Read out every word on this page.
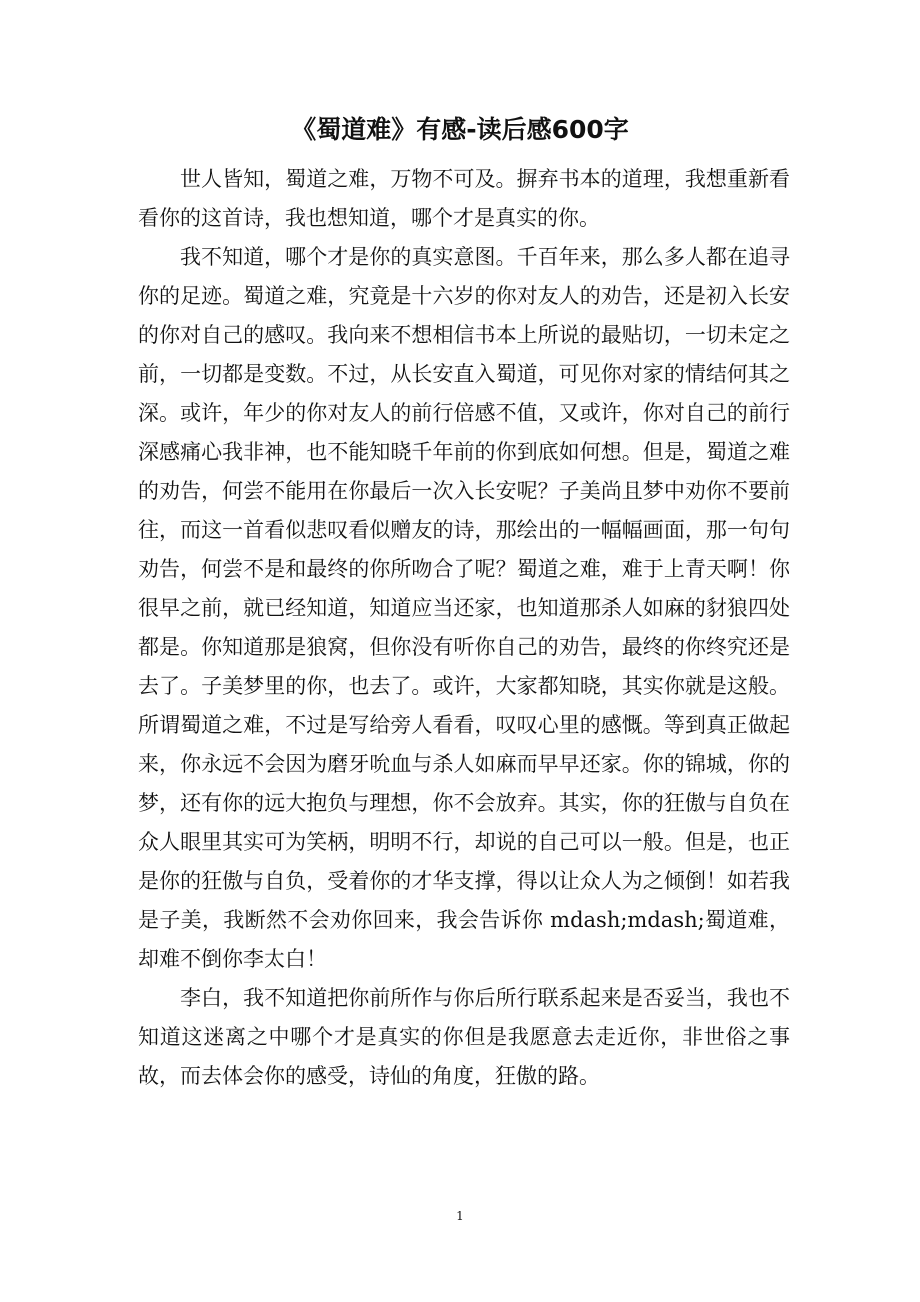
《蜀道难》有感-读后感600字

世人皆知，蜀道之难，万物不可及。摒弃书本的道理，我想重新看看你的这首诗，我也想知道，哪个才是真实的你。

我不知道，哪个才是你的真实意图。千百年来，那么多人都在追寻你的足迹。蜀道之难，究竟是十六岁的你对友人的劝告，还是初入长安的你对自己的感叹。我向来不想相信书本上所说的最贴切，一切未定之前，一切都是变数。不过，从长安直入蜀道，可见你对家的情结何其之深。或许，年少的你对友人的前行倍感不值，又或许，你对自己的前行深感痛心我非神，也不能知晓千年前的你到底如何想。但是，蜀道之难的劝告，何尝不能用在你最后一次入长安呢？子美尚且梦中劝你不要前往，而这一首看似悲叹看似赠友的诗，那绘出的一幅幅画面，那一句句劝告，何尝不是和最终的你所吻合了呢？蜀道之难，难于上青天啊！你很早之前，就已经知道，知道应当还家，也知道那杀人如麻的豺狼四处都是。你知道那是狼窝，但你没有听你自己的劝告，最终的你终究还是去了。子美梦里的你，也去了。或许，大家都知晓，其实你就是这般。所谓蜀道之难，不过是写给旁人看看，叹叹心里的感慨。等到真正做起来，你永远不会因为磨牙吮血与杀人如麻而早早还家。你的锦城，你的梦，还有你的远大抱负与理想，你不会放弃。其实，你的狂傲与自负在众人眼里其实可为笑柄，明明不行，却说的自己可以一般。但是，也正是你的狂傲与自负，受着你的才华支撑，得以让众人为之倾倒！如若我是子美，我断然不会劝你回来，我会告诉你 mdash;mdash;蜀道难，却难不倒你李太白！

李白，我不知道把你前所作与你后所行联系起来是否妥当，我也不知道这迷离之中哪个才是真实的你但是我愿意去走近你，非世俗之事故，而去体会你的感受，诗仙的角度，狂傲的路。

1
